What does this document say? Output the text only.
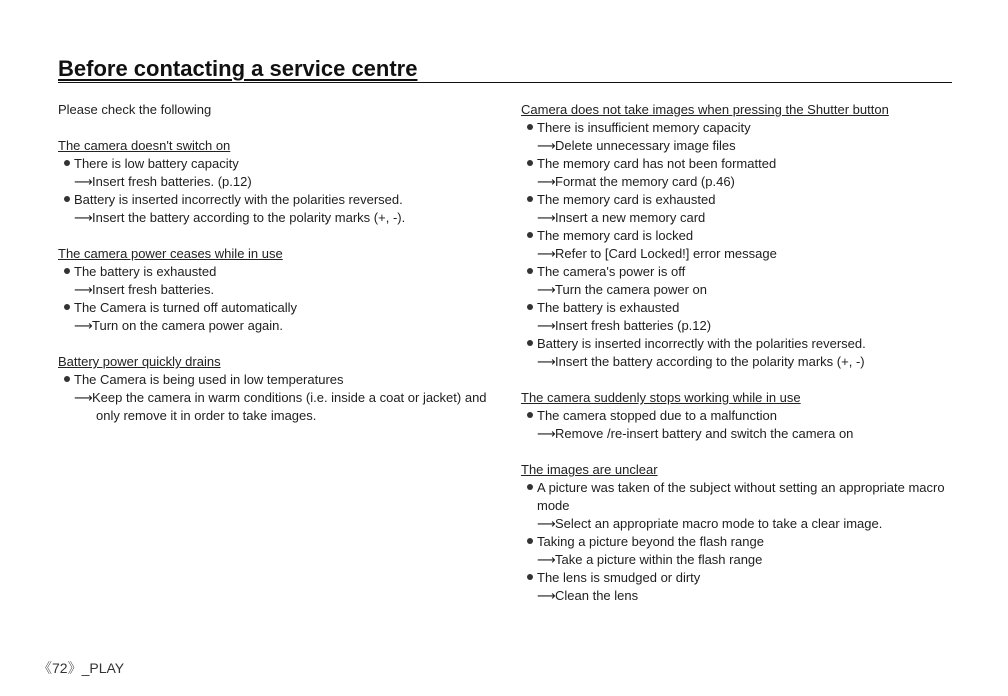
Before contacting a service centre
Please check the following
The camera doesn't switch on
There is low battery capacity
⟶Insert fresh batteries. (p.12)
Battery is inserted incorrectly with the polarities reversed.
⟶Insert the battery according to the polarity marks (+, -).
The camera power ceases while in use
The battery is exhausted
⟶Insert fresh batteries.
The Camera is turned off automatically
⟶Turn on the camera power again.
Battery power quickly drains
The Camera is being used in low temperatures
⟶Keep the camera in warm conditions (i.e. inside a coat or jacket) and only remove it in order to take images.
Camera does not take images when pressing the Shutter button
There is insufficient memory capacity
⟶Delete unnecessary image files
The memory card has not been formatted
⟶Format the memory card (p.46)
The memory card is exhausted
⟶Insert a new memory card
The memory card is locked
⟶Refer to [Card Locked!] error message
The camera's power is off
⟶Turn the camera power on
The battery is exhausted
⟶Insert fresh batteries (p.12)
Battery is inserted incorrectly with the polarities reversed.
⟶Insert the battery according to the polarity marks (+, -)
The camera suddenly stops working while in use
The camera stopped due to a malfunction
⟶Remove /re-insert battery and switch the camera on
The images are unclear
A picture was taken of the subject without setting an appropriate macro mode
⟶Select an appropriate macro mode to take a clear image.
Taking a picture beyond the flash range
⟶Take a picture within the flash range
The lens is smudged or dirty
⟶Clean the lens
《72》_PLAY
